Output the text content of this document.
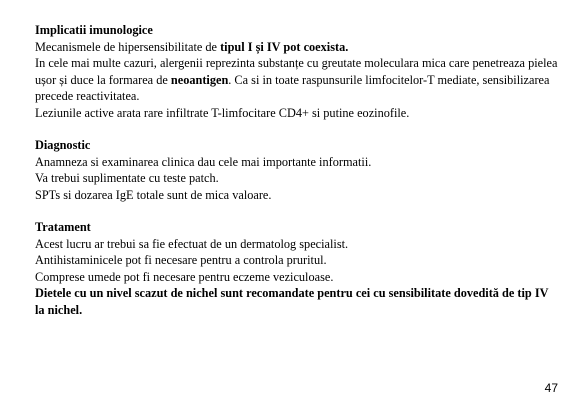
Implicatii imunologice
Mecanismele de hipersensibilitate de tipul I și IV pot coexista.
In cele mai multe cazuri, alergenii reprezinta substanțe cu greutate moleculara mica care penetreaza pielea ușor și duce la formarea de neoantigen. Ca si in toate raspunsurile limfocitelor-T mediate, sensibilizarea precede reactivitatea.
Leziunile active arata rare infiltrate T-limfocitare CD4+ si putine eozinofile.
Diagnostic
Anamneza si examinarea clinica dau cele mai importante informatii.
Va trebui suplimentate cu teste patch.
SPTs si dozarea IgE totale sunt de mica valoare.
Tratament
Acest lucru ar trebui sa fie efectuat de un dermatolog specialist.
Antihistaminicele pot fi necesare pentru a controla pruritul.
Comprese umede pot fi necesare pentru eczeme veziculoase.
Dietele cu un nivel scazut de nichel sunt recomandate pentru cei cu sensibilitate dovedită de tip IV la nichel.
47
